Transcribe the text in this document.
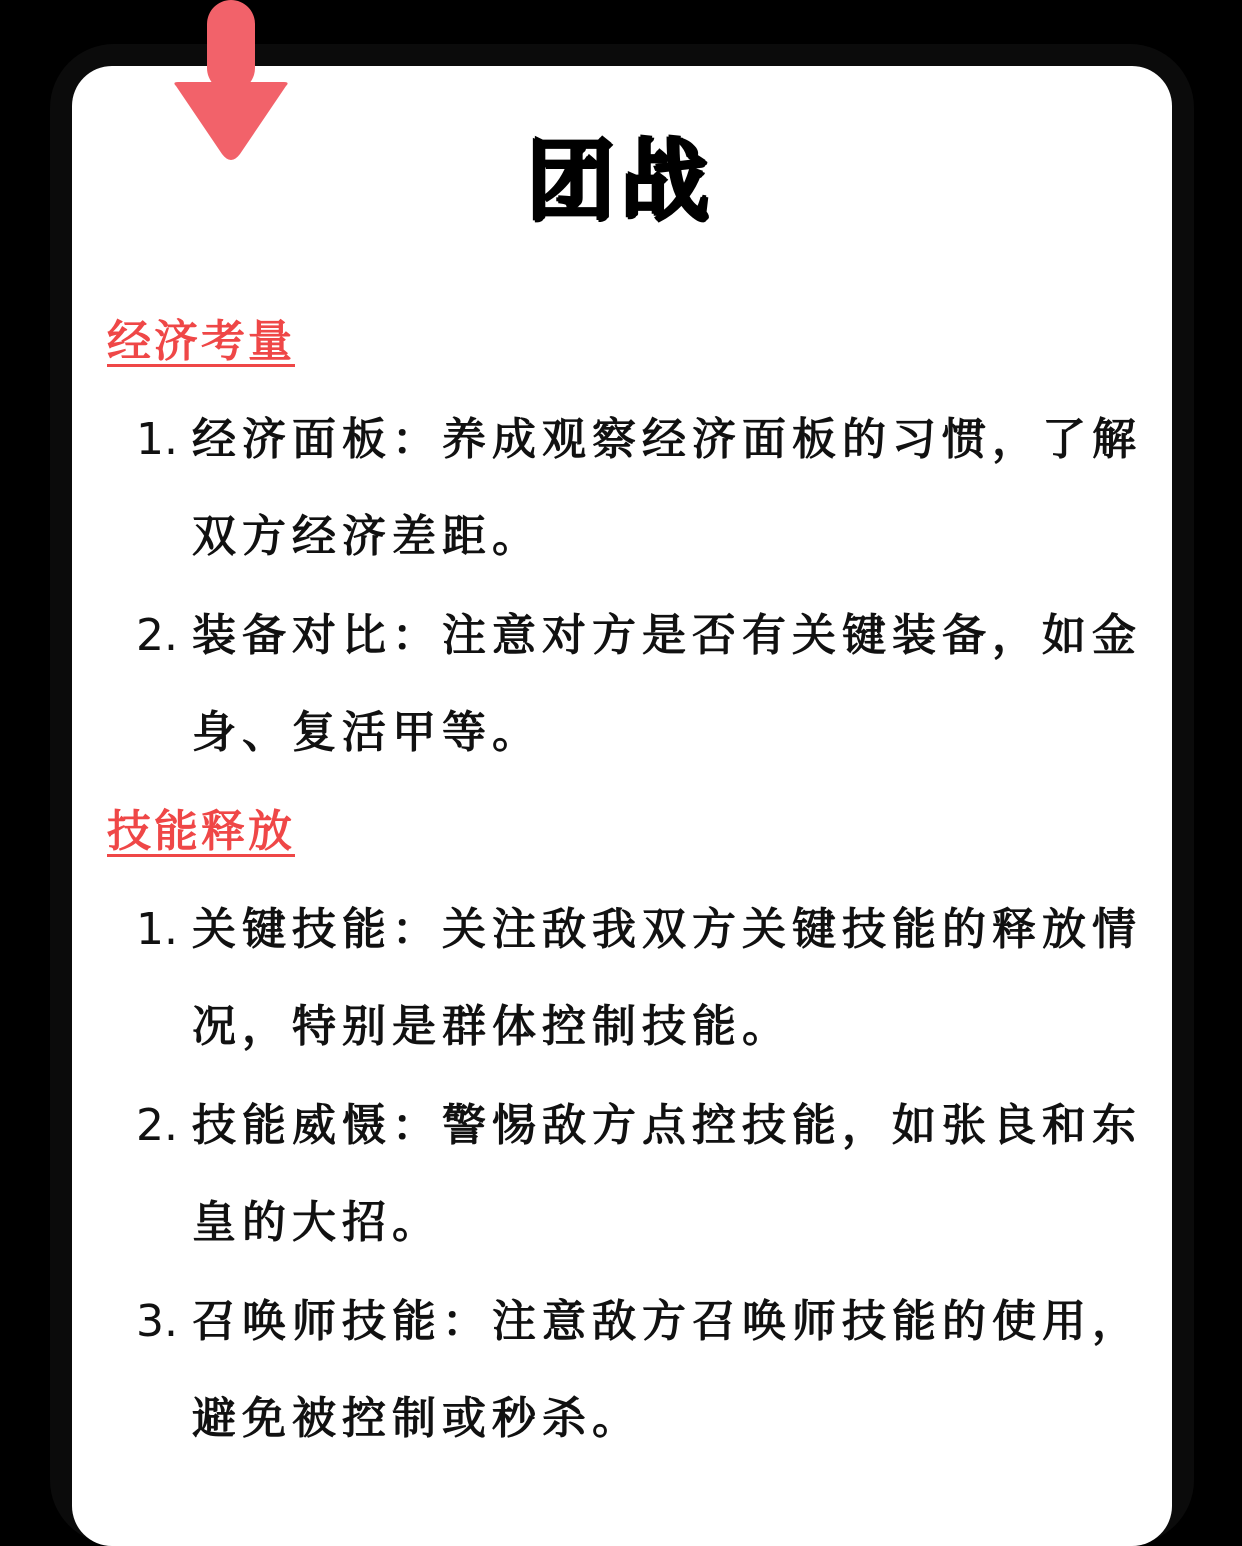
团战
经济考量
1. 经济面板：养成观察经济面板的习惯，了解双方经济差距。
2. 装备对比：注意对方是否有关键装备，如金身、复活甲等。
技能释放
1. 关键技能：关注敌我双方关键技能的释放情况，特别是群体控制技能。
2. 技能威慑：警惕敌方点控技能，如张良和东皇的大招。
3. 召唤师技能：注意敌方召唤师技能的使用，避免被控制或秒杀。
